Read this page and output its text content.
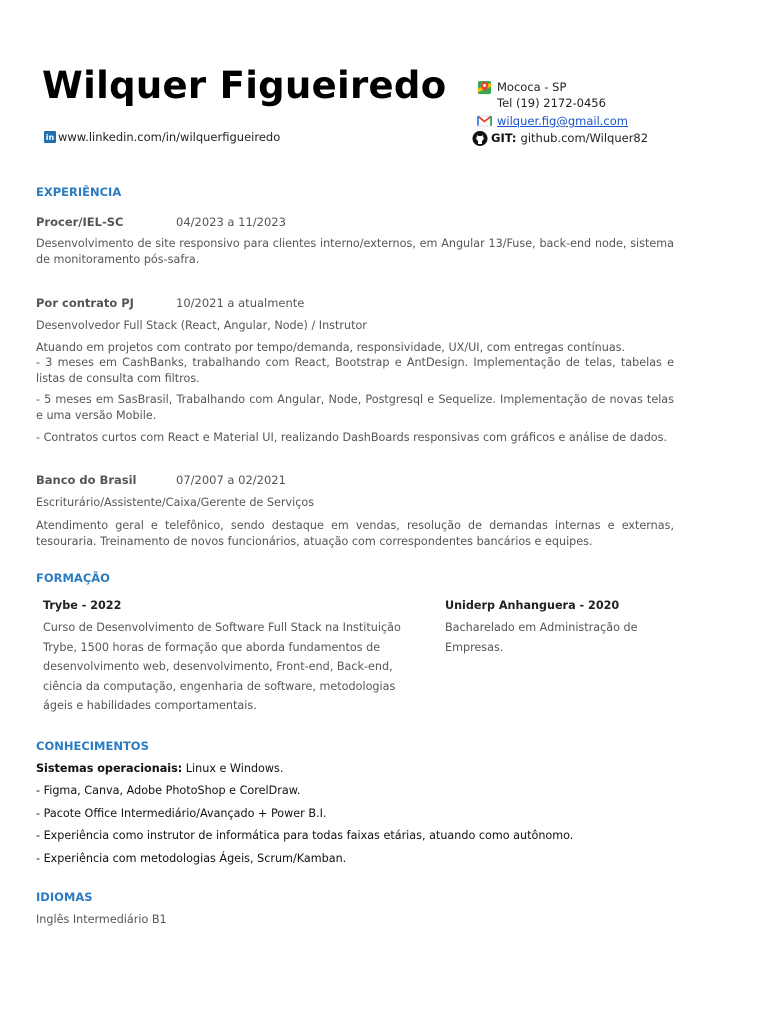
Wilquer Figueiredo
in www.linkedin.com/in/wilquerfigueiredo
Mococa - SP
Tel (19) 2172-0456
wilquer.fig@gmail.com
GIT: github.com/Wilquer82
EXPERIÊNCIA
Procer/IEL-SC	04/2023 a 11/2023
Desenvolvimento de site responsivo para clientes interno/externos, em Angular 13/Fuse, back-end node, sistema de monitoramento pós-safra.
Por contrato PJ	10/2021 a atualmente
Desenvolvedor Full Stack (React, Angular, Node) / Instrutor
Atuando em projetos com contrato por tempo/demanda, responsividade, UX/UI, com entregas contínuas.
- 3 meses em CashBanks, trabalhando com React, Bootstrap e AntDesign. Implementação de telas, tabelas e listas de consulta com filtros.
- 5 meses em SasBrasil, Trabalhando com Angular, Node, Postgresql e Sequelize. Implementação de novas telas e uma versão Mobile.
- Contratos curtos com React e Material UI, realizando DashBoards responsivas com gráficos e análise de dados.
Banco do Brasil	07/2007 a 02/2021
Escriturário/Assistente/Caixa/Gerente de Serviços
Atendimento geral e telefônico, sendo destaque em vendas, resolução de demandas internas e externas, tesouraria. Treinamento de novos funcionários, atuação com correspondentes bancários e equipes.
FORMAÇÃO
Trybe - 2022
Curso de Desenvolvimento de Software Full Stack na Instituição Trybe, 1500 horas de formação que aborda fundamentos de desenvolvimento web, desenvolvimento, Front-end, Back-end, ciência da computação, engenharia de software, metodologias ágeis e habilidades comportamentais.
Uniderp Anhanguera - 2020
Bacharelado em Administração de Empresas.
CONHECIMENTOS
Sistemas operacionais: Linux e Windows.
- Figma, Canva, Adobe PhotoShop e CorelDraw.
- Pacote Office Intermediário/Avançado + Power B.I.
- Experiência como instrutor de informática para todas faixas etárias, atuando como autônomo.
- Experiência com metodologias Ágeis, Scrum/Kamban.
IDIOMAS
Inglês Intermediário B1
